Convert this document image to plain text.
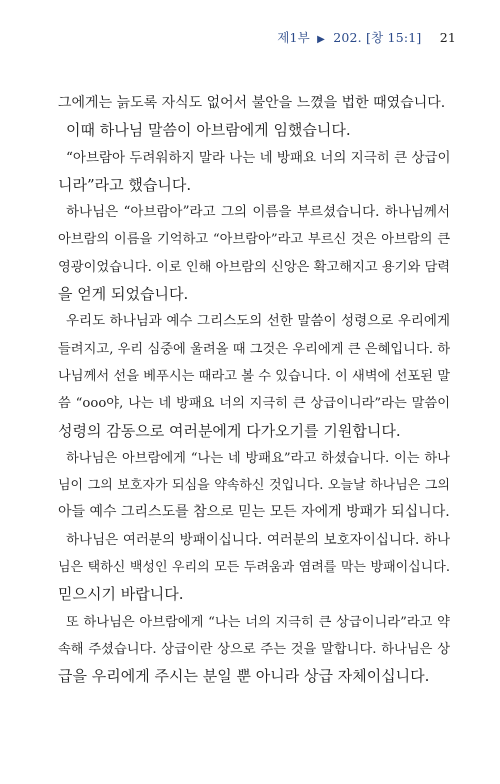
제1부 ▶ 202. [창 15:1] 21
그에게는 늙도록 자식도 없어서 불안을 느꼈을 법한 때였습니다.
이때 하나님 말씀이 아브람에게 임했습니다.
“아브람아 두려워하지 말라 나는 네 방패요 너의 지극히 큰 상급이
니라”라고 했습니다.
하나님은 “아브람아”라고 그의 이름을 부르셨습니다. 하나님께서
아브람의 이름을 기억하고 “아브람아”라고 부르신 것은 아브람의 큰
영광이었습니다. 이로 인해 아브람의 신앙은 확고해지고 용기와 담력
을 얻게 되었습니다.
우리도 하나님과 예수 그리스도의 선한 말씀이 성령으로 우리에게
들려지고, 우리 심중에 울려올 때 그것은 우리에게 큰 은혜입니다. 하
나님께서 선을 베푸시는 때라고 볼 수 있습니다. 이 새벽에 선포된 말
씀 “ooo야, 나는 네 방패요 너의 지극히 큰 상급이니라”라는 말씀이
성령의 감동으로 여러분에게 다가오기를 기원합니다.
하나님은 아브람에게 “나는 네 방패요”라고 하셨습니다. 이는 하나
님이 그의 보호자가 되심을 약속하신 것입니다. 오늘날 하나님은 그의
아들 예수 그리스도를 참으로 믿는 모든 자에게 방패가 되십니다.
하나님은 여러분의 방패이십니다. 여러분의 보호자이십니다. 하나
님은 택하신 백성인 우리의 모든 두려움과 염려를 막는 방패이십니다.
믿으시기 바랍니다.
또 하나님은 아브람에게 “나는 너의 지극히 큰 상급이니라”라고 약
속해 주셨습니다. 상급이란 상으로 주는 것을 말합니다. 하나님은 상
급을 우리에게 주시는 분일 뿐 아니라 상급 자체이십니다.
